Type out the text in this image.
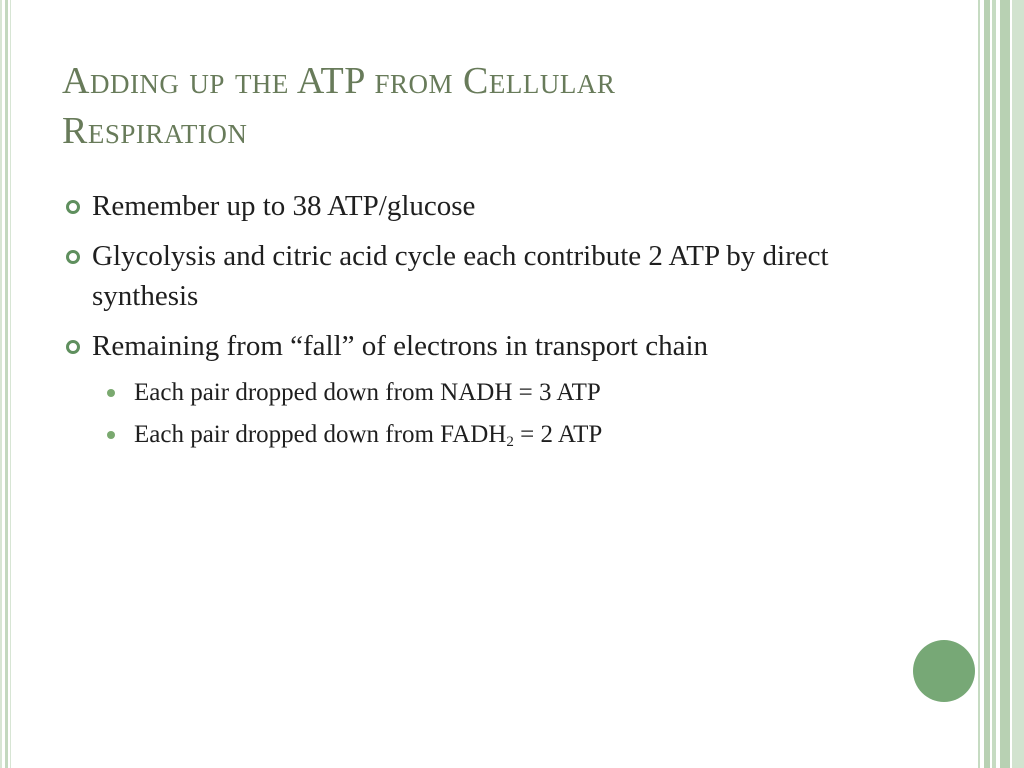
Adding up the ATP from Cellular
Respiration
Remember up to 38 ATP/glucose
Glycolysis and citric acid cycle each contribute 2 ATP by direct synthesis
Remaining from “fall” of electrons in transport chain
Each pair dropped down from NADH = 3 ATP
Each pair dropped down from $FADH_2 = 2$ ATP
